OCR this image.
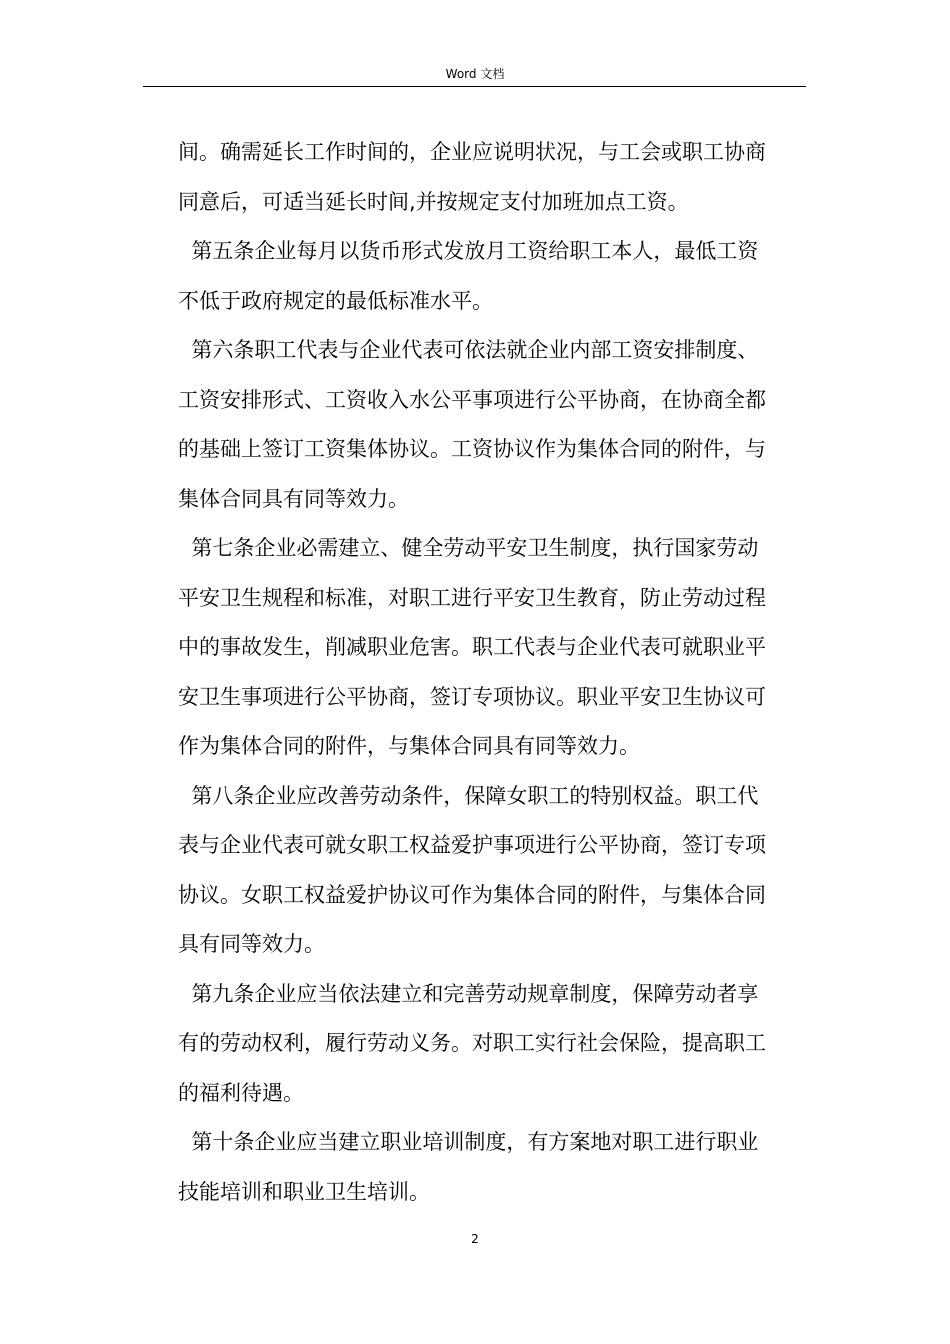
Word 文档

间。确需延长工作时间的，企业应说明状况，与工会或职工协商
同意后，可适当延长时间,并按规定支付加班加点工资。

第五条企业每月以货币形式发放月工资给职工本人，最低工资
不低于政府规定的最低标准水平。

第六条职工代表与企业代表可依法就企业内部工资安排制度、
工资安排形式、工资收入水公平事项进行公平协商，在协商全都
的基础上签订工资集体协议。工资协议作为集体合同的附件，与
集体合同具有同等效力。

第七条企业必需建立、健全劳动平安卫生制度，执行国家劳动
平安卫生规程和标准，对职工进行平安卫生教育，防止劳动过程
中的事故发生，削减职业危害。职工代表与企业代表可就职业平
安卫生事项进行公平协商，签订专项协议。职业平安卫生协议可
作为集体合同的附件，与集体合同具有同等效力。

第八条企业应改善劳动条件，保障女职工的特别权益。职工代
表与企业代表可就女职工权益爱护事项进行公平协商，签订专项
协议。女职工权益爱护协议可作为集体合同的附件，与集体合同
具有同等效力。

第九条企业应当依法建立和完善劳动规章制度，保障劳动者享
有的劳动权利，履行劳动义务。对职工实行社会保险，提高职工
的福利待遇。

第十条企业应当建立职业培训制度，有方案地对职工进行职业
技能培训和职业卫生培训。

2
